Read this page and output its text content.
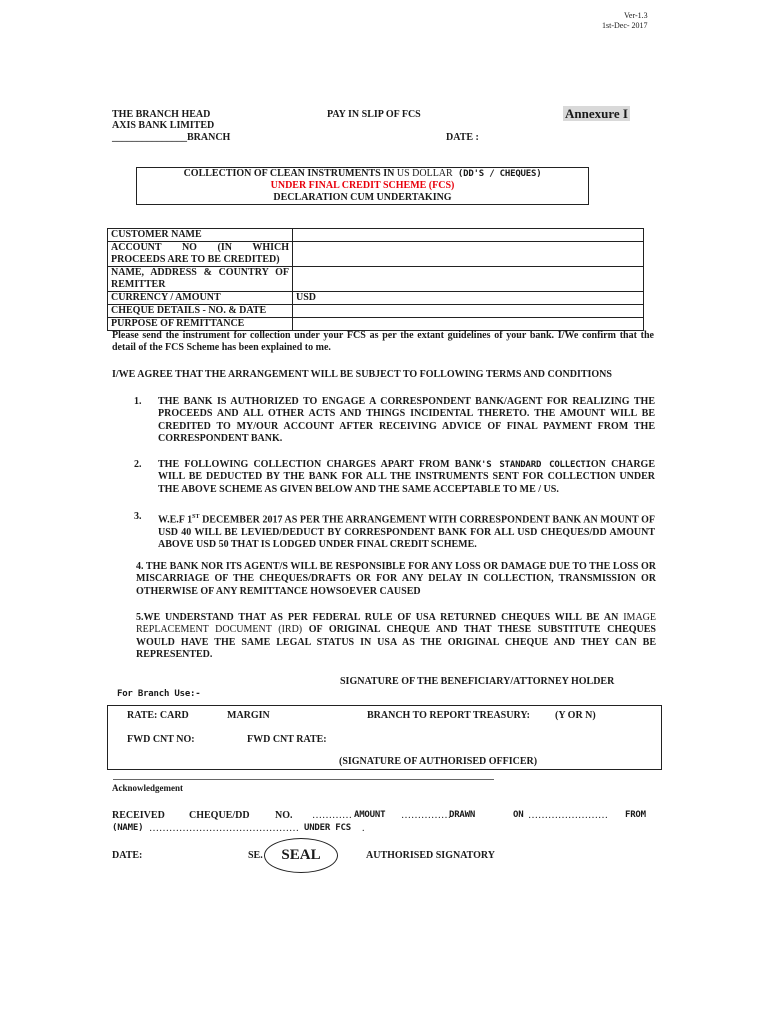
Ver-1.3
1st-Dec- 2017
THE BRANCH HEAD
AXIS BANK LIMITED
_______________BRANCH
PAY IN SLIP OF FCS	Annexure I
DATE :
COLLECTION OF CLEAN INSTRUMENTS IN US DOLLAR (DD'S / CHEQUES)
UNDER FINAL CREDIT SCHEME (FCS)
DECLARATION CUM UNDERTAKING
CUSTOMER NAME	
ACCOUNT NO (IN WHICH PROCEEDS ARE TO BE CREDITED)	
NAME, ADDRESS & COUNTRY OF REMITTER	
CURRENCY / AMOUNT	USD
CHEQUE DETAILS - NO. & DATE	
PURPOSE OF REMITTANCE	
Please send the instrument for collection under your FCS as per the extant guidelines of your bank. I/We confirm that the detail of the FCS Scheme has been explained to me.
I/WE AGREE THAT THE ARRANGEMENT WILL BE SUBJECT TO FOLLOWING TERMS AND CONDITIONS
1. THE BANK IS AUTHORIZED TO ENGAGE A CORRESPONDENT BANK/AGENT FOR REALIZING THE PROCEEDS AND ALL OTHER ACTS AND THINGS INCIDENTAL THERETO. THE AMOUNT WILL BE CREDITED TO MY/OUR ACCOUNT AFTER RECEIVING ADVICE OF FINAL PAYMENT FROM THE CORRESPONDENT BANK.
2. THE FOLLOWING COLLECTION CHARGES APART FROM BANK'S STANDARD COLLECTION CHARGE WILL BE DEDUCTED BY THE BANK FOR ALL THE INSTRUMENTS SENT FOR COLLECTION UNDER THE ABOVE SCHEME AS GIVEN BELOW AND THE SAME ACCEPTABLE TO ME / US.
3. W.E.F 1ST DECEMBER 2017 AS PER THE ARRANGEMENT WITH CORRESPONDENT BANK AN MOUNT OF USD 40 WILL BE LEVIED/DEDUCT BY CORRESPONDENT BANK FOR ALL USD CHEQUES/DD AMOUNT ABOVE USD 50 THAT IS LODGED UNDER FINAL CREDIT SCHEME.
4. THE BANK NOR ITS AGENT/S WILL BE RESPONSIBLE FOR ANY LOSS OR DAMAGE DUE TO THE LOSS OR MISCARRIAGE OF THE CHEQUES/DRAFTS OR FOR ANY DELAY IN COLLECTION, TRANSMISSION OR OTHERWISE OF ANY REMITTANCE HOWSOEVER CAUSED
5.WE UNDERSTAND THAT AS PER FEDERAL RULE OF USA RETURNED CHEQUES WILL BE AN IMAGE REPLACEMENT DOCUMENT (IRD) OF ORIGINAL CHEQUE AND THAT THESE SUBSTITUTE CHEQUES WOULD HAVE THE SAME LEGAL STATUS IN USA AS THE ORIGINAL CHEQUE AND THEY CAN BE REPRESENTED.
SIGNATURE OF THE BENEFICIARY/ATTORNEY HOLDER
For Branch Use:-
RATE: CARD	MARGIN	BRANCH TO REPORT TREASURY:	(Y OR N)
FWD CNT NO:	FWD CNT RATE:
(SIGNATURE OF AUTHORISED OFFICER)
Acknowledgement
RECEIVED CHEQUE/DD	NO. ………… AMOUNT ……………
DRAWN	ON …………………… FROM
(NAME) ……………………………………… UNDER FCS .
DATE:	SE. SEAL	AUTHORISED SIGNATORY
